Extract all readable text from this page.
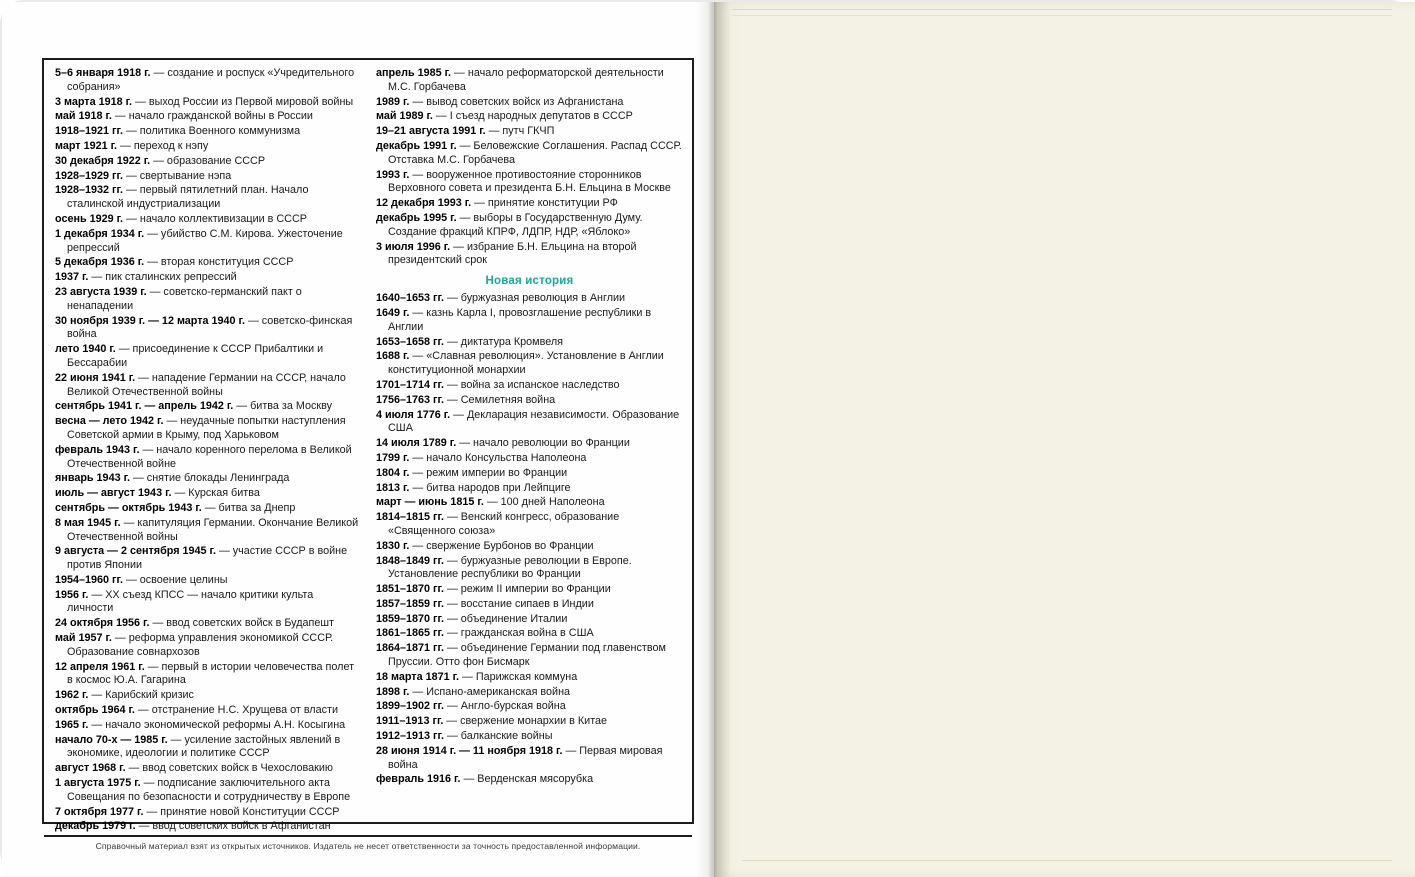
5–6 января 1918 г. — создание и роспуск «Учредительного собрания»

3 марта 1918 г. — выход России из Первой мировой войны

май 1918 г. — начало гражданской войны в России

1918–1921 гг. — политика Военного коммунизма

март 1921 г. — переход к нэпу

30 декабря 1922 г. — образование СССР

1928–1929 гг. — свертывание нэпа

1928–1932 гг. — первый пятилетний план. Начало сталинской индустриализации

осень 1929 г. — начало коллективизации в СССР

1 декабря 1934 г. — убийство С.М. Кирова. Ужесточение репрессий

5 декабря 1936 г. — вторая конституция СССР

1937 г. — пик сталинских репрессий

23 августа 1939 г. — советско-германский пакт о ненападении

30 ноября 1939 г. — 12 марта 1940 г. — советско-финская война

лето 1940 г. — присоединение к СССР Прибалтики и Бессарабии

22 июня 1941 г. — нападение Германии на СССР, начало Великой Отечественной войны

сентябрь 1941 г. — апрель 1942 г. — битва за Москву

весна — лето 1942 г. — неудачные попытки наступления Советской армии в Крыму, под Харьковом

февраль 1943 г. — начало коренного перелома в Великой Отечественной войне

январь 1943 г. — снятие блокады Ленинграда

июль — август 1943 г. — Курская битва

сентябрь — октябрь 1943 г. — битва за Днепр

8 мая 1945 г. — капитуляция Германии. Окончание Великой Отечественной войны

9 августа — 2 сентября 1945 г. — участие СССР в войне против Японии

1954–1960 гг. — освоение целины

1956 г. — XX съезд КПСС — начало критики культа личности

24 октября 1956 г. — ввод советских войск в Будапешт

май 1957 г. — реформа управления экономикой СССР. Образование совнархозов

12 апреля 1961 г. — первый в истории человечества полет в космос Ю.А. Гагарина

1962 г. — Карибский кризис

октябрь 1964 г. — отстранение Н.С. Хрущева от власти

1965 г. — начало экономической реформы А.Н. Косыгина

начало 70-х — 1985 г. — усиление застойных явлений в экономике, идеологии и политике СССР

август 1968 г. — ввод советских войск в Чехословакию

1 августа 1975 г. — подписание заключительного акта Совещания по безопасности и сотрудничеству в Европе

7 октября 1977 г. — принятие новой Конституции СССР

декабрь 1979 г. — ввод советских войск в Афганистан

апрель 1985 г. — начало реформаторской деятельности М.С. Горбачева

1989 г. — вывод советских войск из Афганистана

май 1989 г. — I съезд народных депутатов в СССР

19–21 августа 1991 г. — путч ГКЧП

декабрь 1991 г. — Беловежские Соглашения. Распад СССР. Отставка М.С. Горбачева

1993 г. — вооруженное противостояние сторонников Верховного совета и президента Б.Н. Ельцина в Москве

12 декабря 1993 г. — принятие конституции РФ

декабрь 1995 г. — выборы в Государственную Думу. Создание фракций КПРФ, ЛДПР, НДР, «Яблоко»

3 июля 1996 г. — избрание Б.Н. Ельцина на второй президентский срок

Новая история

1640–1653 гг. — буржуазная революция в Англии

1649 г. — казнь Карла I, провозглашение республики в Англии

1653–1658 гг. — диктатура Кромвеля

1688 г. — «Славная революция». Установление в Англии конституционной монархии

1701–1714 гг. — война за испанское наследство

1756–1763 гг. — Семилетняя война

4 июля 1776 г. — Декларация независимости. Образование США

14 июля 1789 г. — начало революции во Франции

1799 г. — начало Консульства Наполеона

1804 г. — режим империи во Франции

1813 г. — битва народов при Лейпциге

март — июнь 1815 г. — 100 дней Наполеона

1814–1815 гг. — Венский конгресс, образование «Священного союза»

1830 г. — свержение Бурбонов во Франции

1848–1849 гг. — буржуазные революции в Европе. Установление республики во Франции

1851–1870 гг. — режим II империи во Франции

1857–1859 гг. — восстание сипаев в Индии

1859–1870 гг. — объединение Италии

1861–1865 гг. — гражданская война в США

1864–1871 гг. — объединение Германии под главенством Пруссии. Отто фон Бисмарк

18 марта 1871 г. — Парижская коммуна

1898 г. — Испано-американская война

1899–1902 гг. — Англо-бурская война

1911–1913 гг. — свержение монархии в Китае

1912–1913 гг. — балканские войны

28 июня 1914 г. — 11 ноября 1918 г. — Первая мировая война

февраль 1916 г. — Верденская мясорубка

Справочный материал взят из открытых источников. Издатель не несет ответственности за точность предоставленной информации.
